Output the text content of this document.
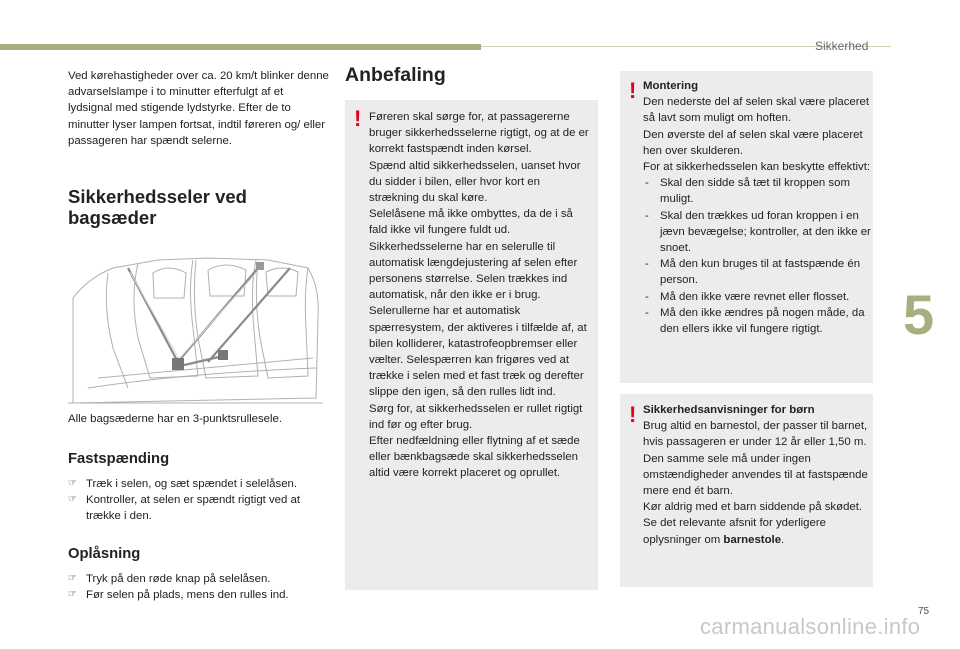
Sikkerhed
5
75
carmanualsonline.info
Ved kørehastigheder over ca. 20 km/t blinker denne advarselslampe i to minutter efterfulgt af et lydsignal med stigende lydstyrke. Efter de to minutter lyser lampen fortsat, indtil føreren og/ eller passageren har spændt selerne.
Sikkerhedsseler ved bagsæder
Alle bagsæderne har en 3-punktsrullesele.
Fastspænding
☞ Træk i selen, og sæt spændet i selelåsen.
☞ Kontroller, at selen er spændt rigtigt ved at trække i den.
Oplåsning
☞ Tryk på den røde knap på selelåsen.
☞ Før selen på plads, mens den rulles ind.
Anbefaling
! Føreren skal sørge for, at passagererne bruger sikkerhedsselerne rigtigt, og at de er korrekt fastspændt inden kørsel.
Spænd altid sikkerhedsselen, uanset hvor du sidder i bilen, eller hvor kort en strækning du skal køre.
Selelåsene må ikke ombyttes, da de i så fald ikke vil fungere fuldt ud.
Sikkerhedsselerne har en selerulle til automatisk længdejustering af selen efter personens størrelse. Selen trækkes ind automatisk, når den ikke er i brug.
Selerullerne har et automatisk spærresystem, der aktiveres i tilfælde af, at bilen kolliderer, katastrofeopbremser eller vælter. Selespærren kan frigøres ved at trække i selen med et fast træk og derefter slippe den igen, så den rulles lidt ind.
Sørg for, at sikkerhedsselen er rullet rigtigt ind før og efter brug.
Efter nedfældning eller flytning af et sæde eller bænkbagsæde skal sikkerhedsselen altid være korrekt placeret og oprullet.
! Montering
Den nederste del af selen skal være placeret så lavt som muligt om hoften.
Den øverste del af selen skal være placeret hen over skulderen.
For at sikkerhedsselen kan beskytte effektivt:
- Skal den sidde så tæt til kroppen som muligt.
- Skal den trækkes ud foran kroppen i en jævn bevægelse; kontroller, at den ikke er snoet.
- Må den kun bruges til at fastspænde én person.
- Må den ikke være revnet eller flosset.
- Må den ikke ændres på nogen måde, da den ellers ikke vil fungere rigtigt.
! Sikkerhedsanvisninger for børn
Brug altid en barnestol, der passer til barnet, hvis passageren er under 12 år eller 1,50 m.
Den samme sele må under ingen omstændigheder anvendes til at fastspænde mere end ét barn.
Kør aldrig med et barn siddende på skødet.
Se det relevante afsnit for yderligere oplysninger om barnestole.
